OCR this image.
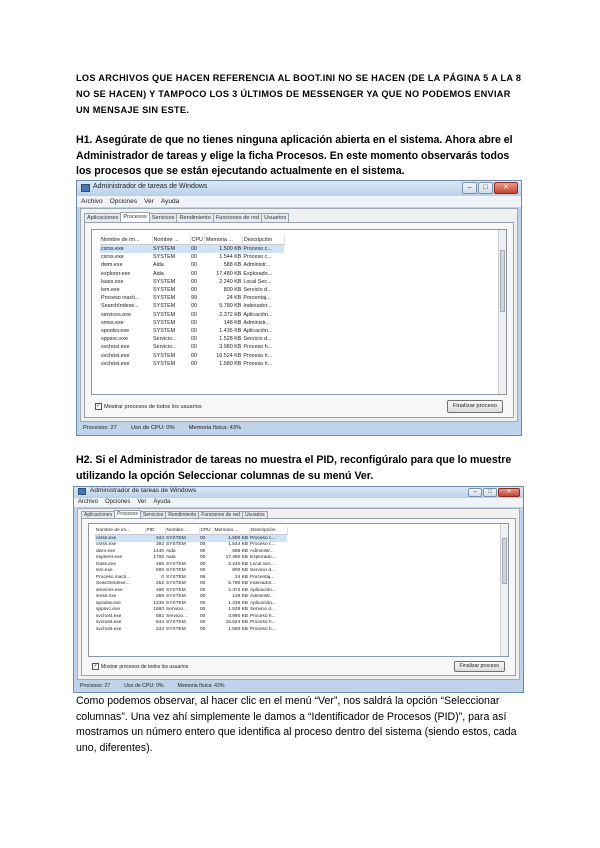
LOS ARCHIVOS QUE HACEN REFERENCIA AL BOOT.INI NO SE HACEN (DE LA PÁGINA 5 A LA 8 NO SE HACEN) Y TAMPOCO LOS 3 ÚLTIMOS DE MESSENGER YA QUE NO PODEMOS ENVIAR UN MENSAJE SIN ESTE.

H1. Asegúrate de que no tienes ninguna aplicación abierta en el sistema. Ahora abre el Administrador de tareas y elige la ficha Procesos. En este momento observarás todos los procesos que se están ejecutando actualmente en el sistema.

Administrador de tareas de Windows	–	□	✕
Archivo Opciones Ver Ayuda
Aplicaciones Procesos Servicios Rendimiento Funciones de red Usuarios
Nombre de im...	Nombre ...	CPU	Memoria ...	Descripción
csrss.exe	SYSTEM	00	1.500 KB	Proceso c...
csrss.exe	SYSTEM	00	1.544 KB	Proceso c...
dwm.exe	Aida	00	588 KB	Administr...
explorer.exe	Aida	00	17.480 KB	Explorado...
lsass.exe	SYSTEM	00	2.240 KB	Local Sec...
lsm.exe	SYSTEM	00	800 KB	Servicio d...
Proceso inacti...	SYSTEM	99	24 KB	Porcentaj...
SearchIndexe...	SYSTEM	00	5.780 KB	Indexador...
services.exe	SYSTEM	00	2.372 KB	Aplicación...
smss.exe	SYSTEM	00	148 KB	Administr...
spoolsv.exe	SYSTEM	00	1.436 KB	Aplicación...
sppsvc.exe	Servicio...	00	1.528 KB	Servicio d...
svchost.exe	Servicio...	00	3.980 KB	Proceso h...
svchost.exe	SYSTEM	00	16.524 KB	Proceso h...
svchost.exe	SYSTEM	00	1.580 KB	Proceso h...
✓ Mostrar procesos de todos los usuarios	Finalizar proceso
Procesos: 27 Uso de CPU: 0% Memoria física: 43%

H2. Si el Administrador de tareas no muestra el PID, reconfigúralo para que lo muestre utilizando la opción Seleccionar columnas de su menú Ver.

Administrador de tareas de Windows	–	□	✕
Archivo Opciones Ver Ayuda
Aplicaciones	Procesos	Servicios	Rendimiento	Funciones de red	Usuarios
Nombre de im...	PID	Nombre ...	CPU	Memoria ...	Descripción
csrss.exe	344	SYSTEM	00	1.500 KB	Proceso c...
csrss.exe	392	SYSTEM	00	1.544 KB	Proceso c...
dwm.exe	1440	Aida	00	588 KB	Administr...
explorer.exe	1700	Aida	00	17.480 KB	Explorado...
lsass.exe	495	SYSTEM	00	2.240 KB	Local Sec...
lsm.exe	500	SYSTEM	00	800 KB	Servicio d...
Proceso inacti...	0	SYSTEM	99	24 KB	Porcentaj...
SearchIndexe...	252	SYSTEM	00	5.780 KB	Indexador...
services.exe	480	SYSTEM	00	2.372 KB	Aplicación...
smss.exe	268	SYSTEM	00	148 KB	Administr...
spoolsv.exe	1236	SYSTEM	00	1.436 KB	Aplicación...
sppsvc.exe	1660	Servicio...	00	1.528 KB	Servicio d...
svchost.exe	592	Servicio...	00	3.980 KB	Proceso h...
svchost.exe	844	SYSTEM	00	16.524 KB	Proceso h...
svchost.exe	244	SYSTEM	00	1.580 KB	Proceso h...
✓ Mostrar procesos de todos los usuarios	Finalizar proceso
Procesos: 27	Uso de CPU: 0%	Memoria física: 43%

Como podemos observar, al hacer clic en el menú “Ver”, nos saldrá la opción “Seleccionar columnas”. Una vez ahí simplemente le damos a “Identificador de Procesos (PID)”, para así mostramos un número entero que identifica al proceso dentro del sistema (siendo estos, cada uno, diferentes).
